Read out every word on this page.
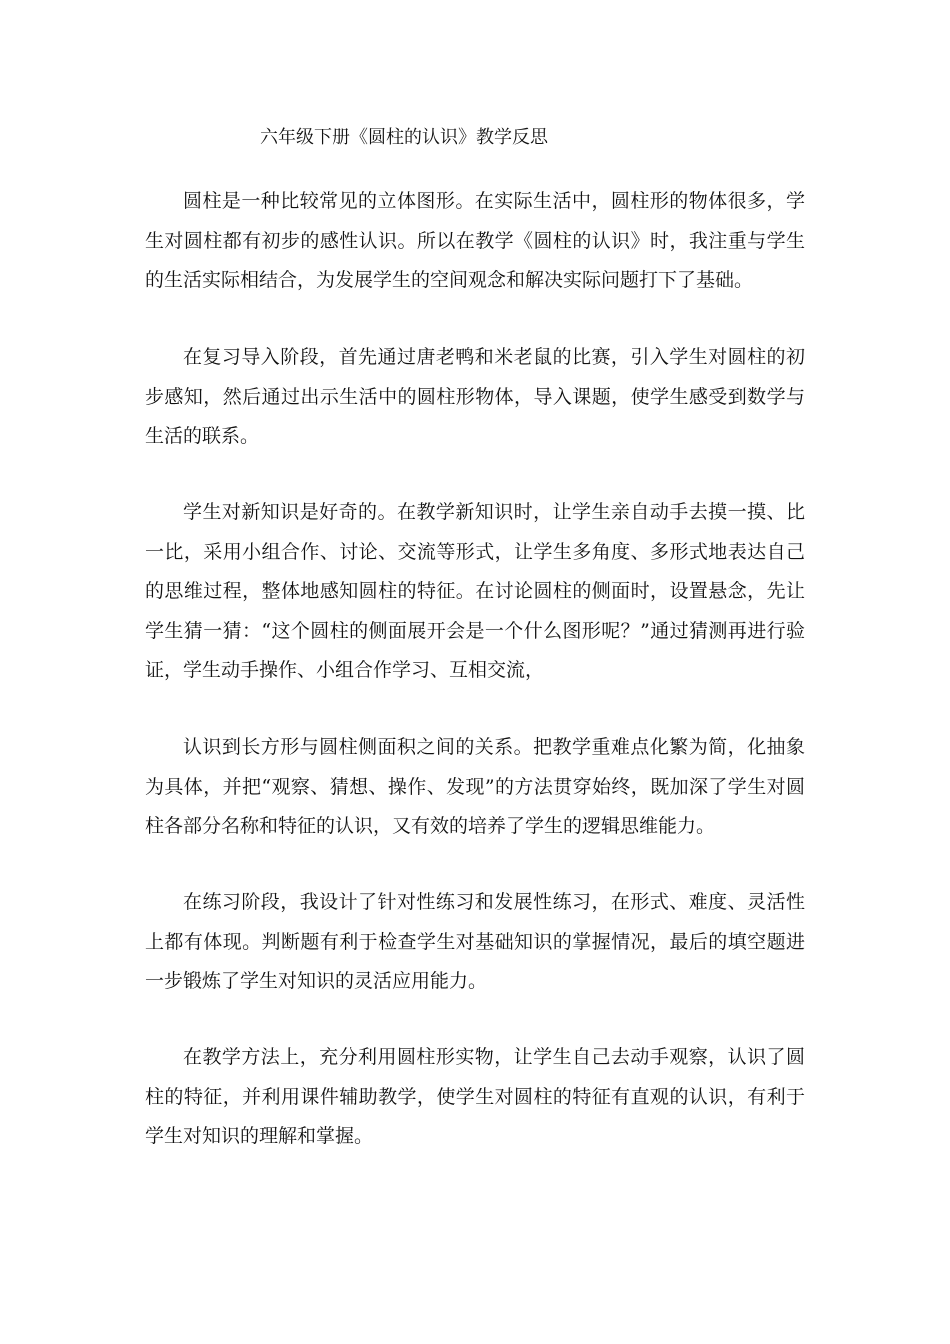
六年级下册《圆柱的认识》教学反思

圆柱是一种比较常见的立体图形。在实际生活中，圆柱形的物体很多，学生对圆柱都有初步的感性认识。所以在教学《圆柱的认识》时，我注重与学生的生活实际相结合，为发展学生的空间观念和解决实际问题打下了基础。

在复习导入阶段，首先通过唐老鸭和米老鼠的比赛，引入学生对圆柱的初步感知，然后通过出示生活中的圆柱形物体，导入课题，使学生感受到数学与生活的联系。

学生对新知识是好奇的。在教学新知识时，让学生亲自动手去摸一摸、比一比，采用小组合作、讨论、交流等形式，让学生多角度、多形式地表达自己的思维过程，整体地感知圆柱的特征。在讨论圆柱的侧面时，设置悬念，先让学生猜一猜：“这个圆柱的侧面展开会是一个什么图形呢？”通过猜测再进行验证，学生动手操作、小组合作学习、互相交流，

认识到长方形与圆柱侧面积之间的关系。把教学重难点化繁为简，化抽象为具体，并把“观察、猜想、操作、发现”的方法贯穿始终，既加深了学生对圆柱各部分名称和特征的认识，又有效的培养了学生的逻辑思维能力。

在练习阶段，我设计了针对性练习和发展性练习，在形式、难度、灵活性上都有体现。判断题有利于检查学生对基础知识的掌握情况，最后的填空题进一步锻炼了学生对知识的灵活应用能力。

在教学方法上，充分利用圆柱形实物，让学生自己去动手观察，认识了圆柱的特征，并利用课件辅助教学，使学生对圆柱的特征有直观的认识，有利于学生对知识的理解和掌握。
